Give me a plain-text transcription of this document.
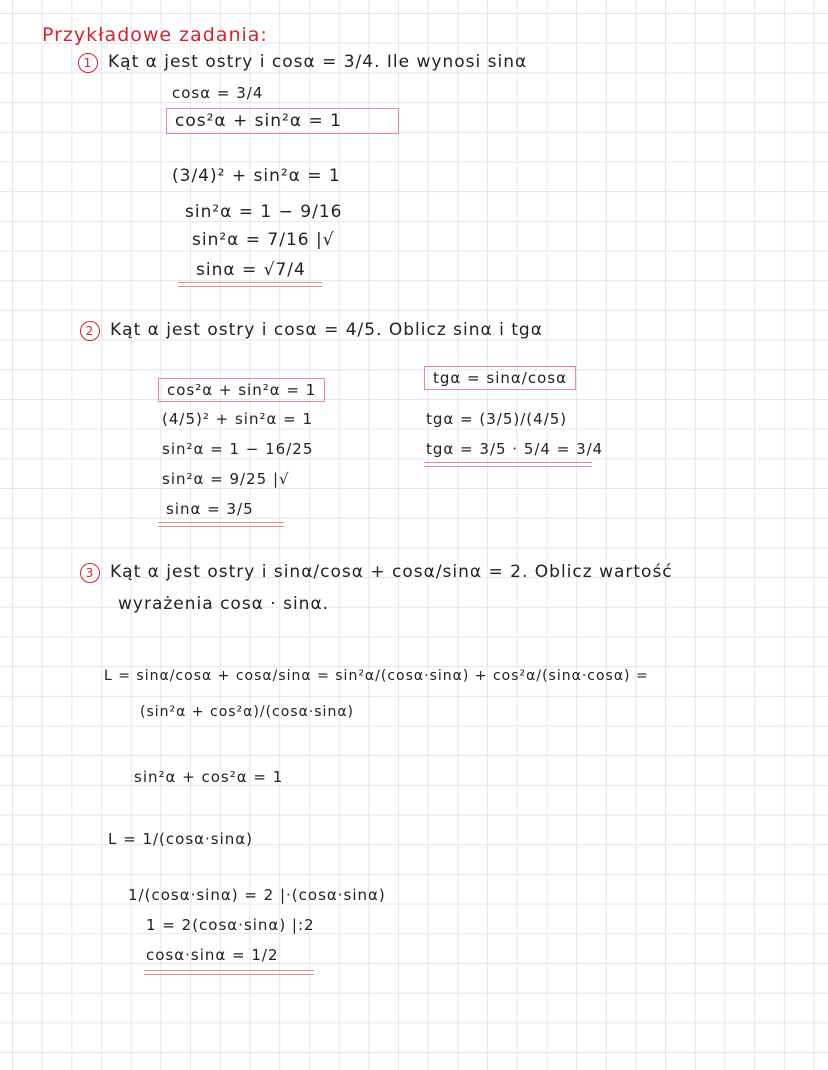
Przykładowe zadania:
1 Kąt α jest ostry i cosα = 3/4. Ile wynosi sinα
cosα = 3/4
cos²α + sin²α = 1
(3/4)² + sin²α = 1
sin²α = 1 − 9/16
sin²α = 7/16 |√
sinα = √7/4
2 Kąt α jest ostry i cosα = 4/5. Oblicz sinα i tgα
cos²α + sin²α = 1
(4/5)² + sin²α = 1
sin²α = 1 − 16/25
sin²α = 9/25 |√
sinα = 3/5
tgα = sinα/cosα
tgα = (3/5)/(4/5)
tgα = 3/5 · 5/4 = 3/4
3 Kąt α jest ostry i sinα/cosα + cosα/sinα = 2. Oblicz wartość
wyrażenia cosα · sinα.
L = sinα/cosα + cosα/sinα = sin²α/(cosα·sinα) + cos²α/(sinα·cosα) =
(sin²α + cos²α)/(cosα·sinα)
sin²α + cos²α = 1
L = 1/(cosα·sinα)
1/(cosα·sinα) = 2 |·(cosα·sinα)
1 = 2(cosα·sinα) |:2
cosα·sinα = 1/2
